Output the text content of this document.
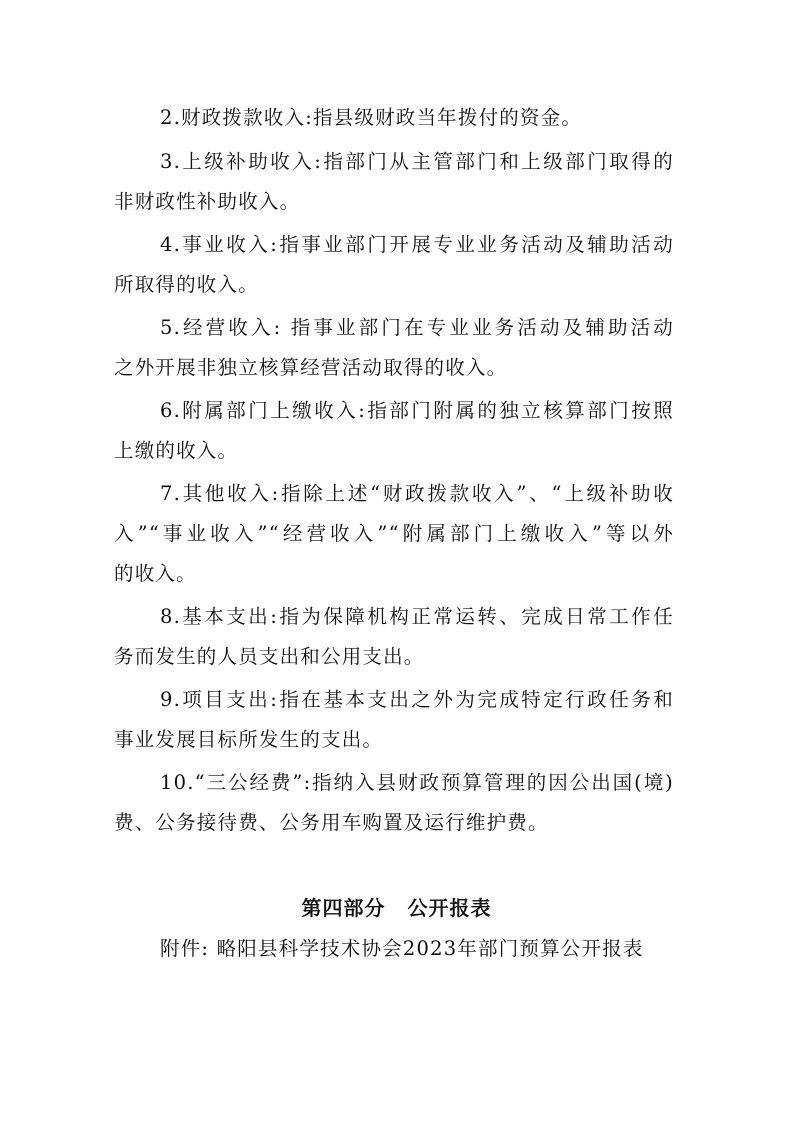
2.财政拨款收入:指县级财政当年拨付的资金。
3.上级补助收入:指部门从主管部门和上级部门取得的
非财政性补助收入。
4.事业收入:指事业部门开展专业业务活动及辅助活动
所取得的收入。
5.经营收入: 指事业部门在专业业务活动及辅助活动
之外开展非独立核算经营活动取得的收入。
6.附属部门上缴收入:指部门附属的独立核算部门按照
上缴的收入。
7.其他收入:指除上述“财政拨款收入”、“上级补助收
入”“事业收入”“经营收入”“附属部门上缴收入”等以外
的收入。
8.基本支出:指为保障机构正常运转、完成日常工作任
务而发生的人员支出和公用支出。
9.项目支出:指在基本支出之外为完成特定行政任务和
事业发展目标所发生的支出。
10.“三公经费”:指纳入县财政预算管理的因公出国(境)
费、公务接待费、公务用车购置及运行维护费。
第四部分 公开报表
附件: 略阳县科学技术协会2023年部门预算公开报表
